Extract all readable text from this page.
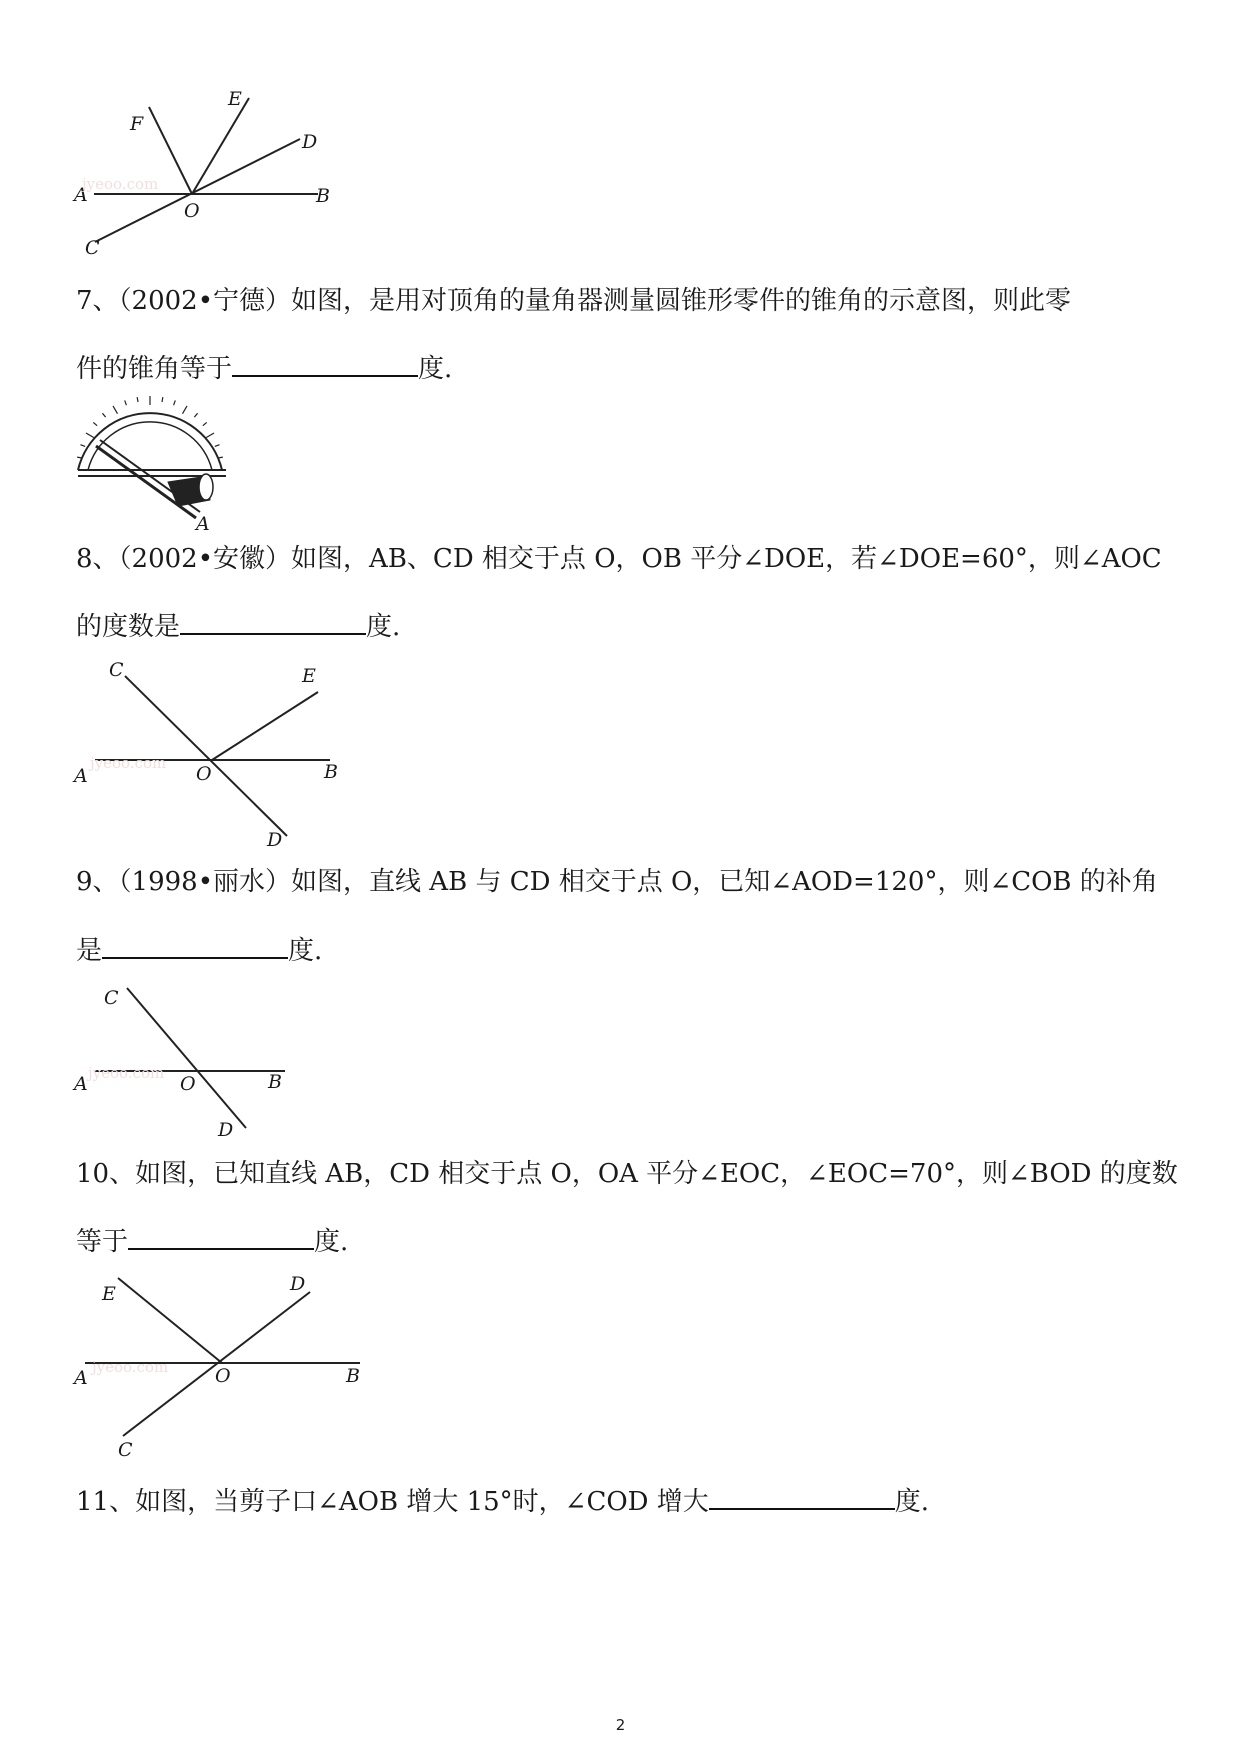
F
E
D
A	B
O
C
jyeoo.com
A
C	E
A	O	B
D
jyeoo.com
C
A	O	B
D
jyeoo.com
E	D
A	O	B
C
jyeoo.com
7、（2002•宁德）如图，是用对顶角的量角器测量圆锥形零件的锥角的示意图，则此零
件的锥角等于	度.
8、（2002•安徽）如图，AB、CD 相交于点 O，OB 平分∠DOE，若∠DOE=60°，则∠AOC
的度数是	度.
9、（1998•丽水）如图，直线 AB 与 CD 相交于点 O，已知∠AOD=120°，则∠COB 的补角
是	度.
10、如图，已知直线 AB，CD 相交于点 O，OA 平分∠EOC，∠EOC=70°，则∠BOD 的度数
等于	度.
11、如图，当剪子口∠AOB 增大 15°时，∠COD 增大	度.
2
